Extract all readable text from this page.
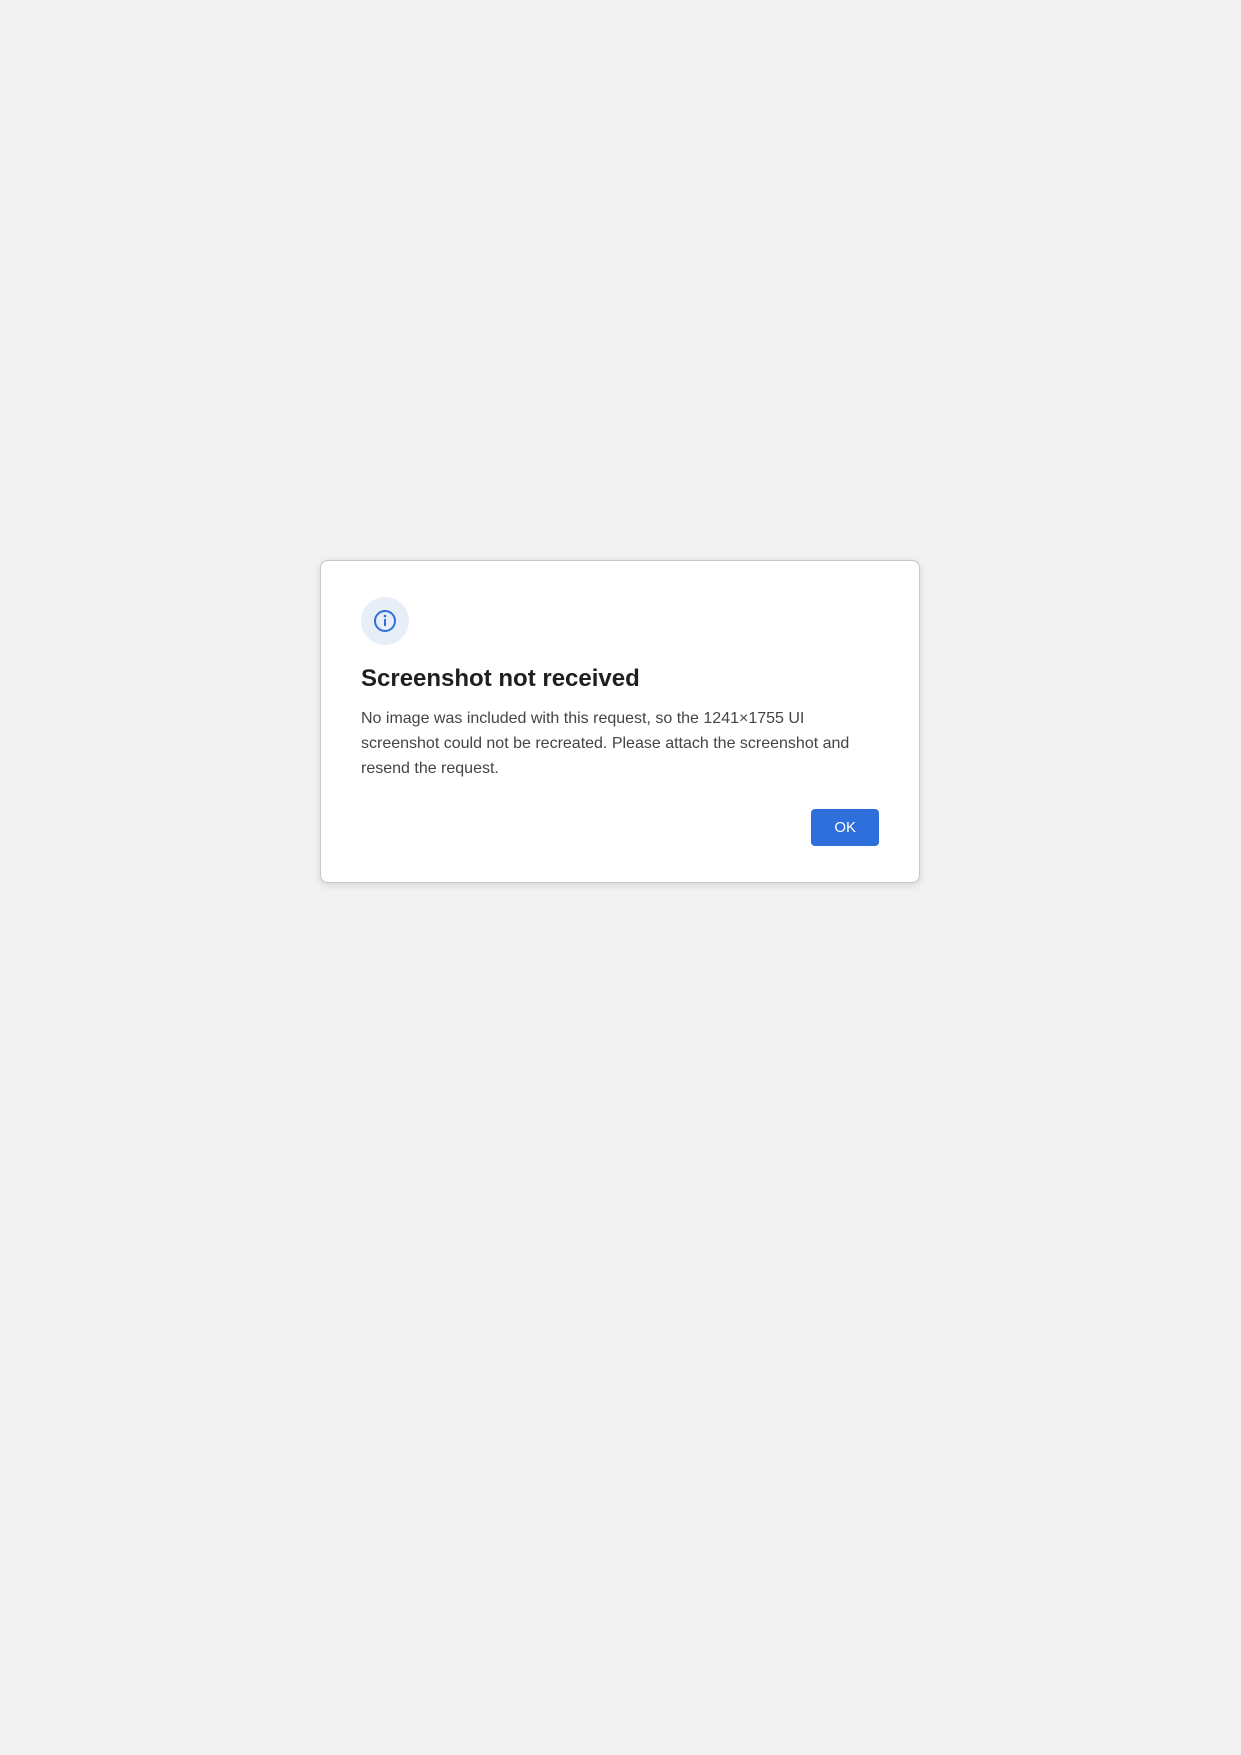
Screenshot not received

No image was included with this request, so the 1241×1755 UI screenshot could not be recreated. Please attach the screenshot and resend the request.

OK
